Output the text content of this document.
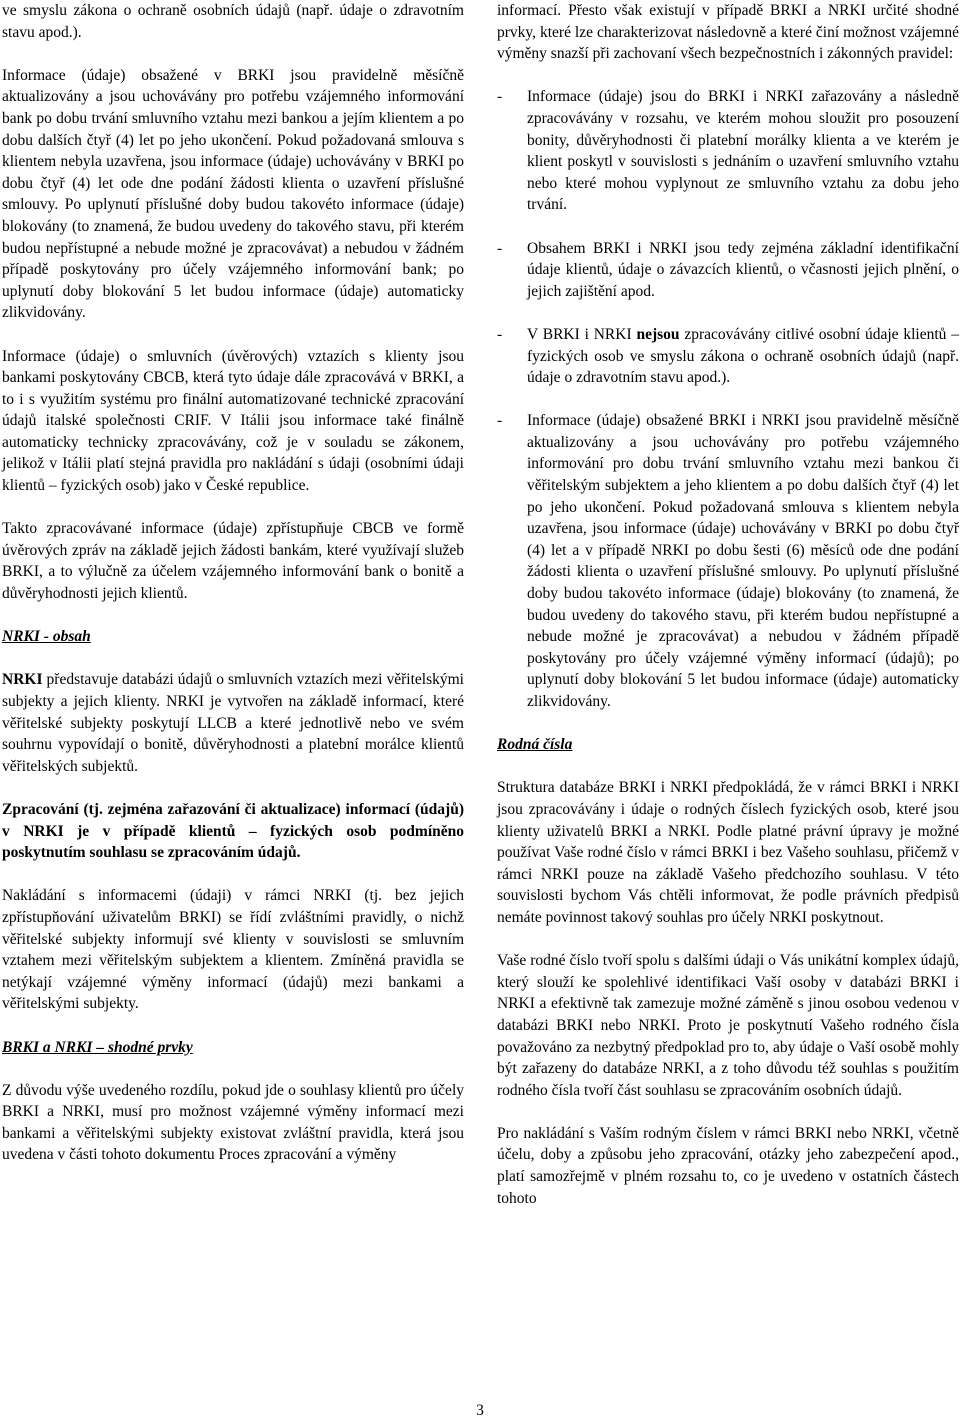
ve smyslu zákona o ochraně osobních údajů (např. údaje o zdravotním stavu apod.).

Informace (údaje) obsažené v BRKI jsou pravidelně měsíčně aktualizovány a jsou uchovávány pro potřebu vzájemného informování bank po dobu trvání smluvního vztahu mezi bankou a jejím klientem a po dobu dalších čtyř (4) let po jeho ukončení. Pokud požadovaná smlouva s klientem nebyla uzavřena, jsou informace (údaje) uchovávány v BRKI po dobu čtyř (4) let ode dne podání žádosti klienta o uzavření příslušné smlouvy. Po uplynutí příslušné doby budou takovéto informace (údaje) blokovány (to znamená, že budou uvedeny do takového stavu, při kterém budou nepřístupné a nebude možné je zpracovávat) a nebudou v žádném případě poskytovány pro účely vzájemného informování bank; po uplynutí doby blokování 5 let budou informace (údaje) automaticky zlikvidovány.

Informace (údaje) o smluvních (úvěrových) vztazích s klienty jsou bankami poskytovány CBCB, která tyto údaje dále zpracovává v BRKI, a to i s využitím systému pro finální automatizované technické zpracování údajů italské společnosti CRIF. V Itálii jsou informace také finálně automaticky technicky zpracovávány, což je v souladu se zákonem, jelikož v Itálii platí stejná pravidla pro nakládání s údaji (osobními údaji klientů – fyzických osob) jako v České republice.

Takto zpracovávané informace (údaje) zpřístupňuje CBCB ve formě úvěrových zpráv na základě jejich žádosti bankám, které využívají služeb BRKI, a to výlučně za účelem vzájemného informování bank o bonitě a důvěryhodnosti jejich klientů.

NRKI - obsah

NRKI představuje databázi údajů o smluvních vztazích mezi věřitelskými subjekty a jejich klienty. NRKI je vytvořen na základě informací, které věřitelské subjekty poskytují LLCB a které jednotlivě nebo ve svém souhrnu vypovídají o bonitě, důvěryhodnosti a platební morálce klientů věřitelských subjektů.

Zpracování (tj. zejména zařazování či aktualizace) informací (údajů) v NRKI je v případě klientů – fyzických osob podmíněno poskytnutím souhlasu se zpracováním údajů.

Nakládání s informacemi (údaji) v rámci NRKI (tj. bez jejich zpřístupňování uživatelům BRKI) se řídí zvláštními pravidly, o nichž věřitelské subjekty informují své klienty v souvislosti se smluvním vztahem mezi věřitelským subjektem a klientem. Zmíněná pravidla se netýkají vzájemné výměny informací (údajů) mezi bankami a věřitelskými subjekty.

BRKI a NRKI – shodné prvky

Z důvodu výše uvedeného rozdílu, pokud jde o souhlasy klientů pro účely BRKI a NRKI, musí pro možnost vzájemné výměny informací mezi bankami a věřitelskými subjekty existovat zvláštní pravidla, která jsou uvedena v části tohoto dokumentu Proces zpracování a výměny

informací. Přesto však existují v případě BRKI a NRKI určité shodné prvky, které lze charakterizovat následovně a které činí možnost vzájemné výměny snazší při zachovaní všech bezpečnostních i zákonných pravidel:

-	Informace (údaje) jsou do BRKI i NRKI zařazovány a následně zpracovávány v rozsahu, ve kterém mohou sloužit pro posouzení bonity, důvěryhodnosti či platební morálky klienta a ve kterém je klient poskytl v souvislosti s jednáním o uzavření smluvního vztahu nebo které mohou vyplynout ze smluvního vztahu za dobu jeho trvání.
-	Obsahem BRKI i NRKI jsou tedy zejména základní identifikační údaje klientů, údaje o závazcích klientů, o včasnosti jejich plnění, o jejich zajištění apod.
-	V BRKI i NRKI nejsou zpracovávány citlivé osobní údaje klientů – fyzických osob ve smyslu zákona o ochraně osobních údajů (např. údaje o zdravotním stavu apod.).
-	Informace (údaje) obsažené BRKI i NRKI jsou pravidelně měsíčně aktualizovány a jsou uchovávány pro potřebu vzájemného informování pro dobu trvání smluvního vztahu mezi bankou či věřitelským subjektem a jeho klientem a po dobu dalších čtyř (4) let po jeho ukončení. Pokud požadovaná smlouva s klientem nebyla uzavřena, jsou informace (údaje) uchovávány v BRKI po dobu čtyř (4) let a v případě NRKI po dobu šesti (6) měsíců ode dne podání žádosti klienta o uzavření příslušné smlouvy. Po uplynutí příslušné doby budou takovéto informace (údaje) blokovány (to znamená, že budou uvedeny do takového stavu, při kterém budou nepřístupné a nebude možné je zpracovávat) a nebudou v žádném případě poskytovány pro účely vzájemné výměny informací (údajů); po uplynutí doby blokování 5 let budou informace (údaje) automaticky zlikvidovány.

Rodná čísla

Struktura databáze BRKI i NRKI předpokládá, že v rámci BRKI i NRKI jsou zpracovávány i údaje o rodných číslech fyzických osob, které jsou klienty uživatelů BRKI a NRKI. Podle platné právní úpravy je možné používat Vaše rodné číslo v rámci BRKI i bez Vašeho souhlasu, přičemž v rámci NRKI pouze na základě Vašeho předchozího souhlasu. V této souvislosti bychom Vás chtěli informovat, že podle právních předpisů nemáte povinnost takový souhlas pro účely NRKI poskytnout.

Vaše rodné číslo tvoří spolu s dalšími údaji o Vás unikátní komplex údajů, který slouží ke spolehlivé identifikaci Vaší osoby v databázi BRKI i NRKI a efektivně tak zamezuje možné záměně s jinou osobou vedenou v databázi BRKI nebo NRKI. Proto je poskytnutí Vašeho rodného čísla považováno za nezbytný předpoklad pro to, aby údaje o Vaší osobě mohly být zařazeny do databáze NRKI, a z toho důvodu též souhlas s použitím rodného čísla tvoří část souhlasu se zpracováním osobních údajů.

Pro nakládání s Vaším rodným číslem v rámci BRKI nebo NRKI, včetně účelu, doby a způsobu jeho zpracování, otázky jeho zabezpečení apod., platí samozřejmě v plném rozsahu to, co je uvedeno v ostatních částech tohoto

3
